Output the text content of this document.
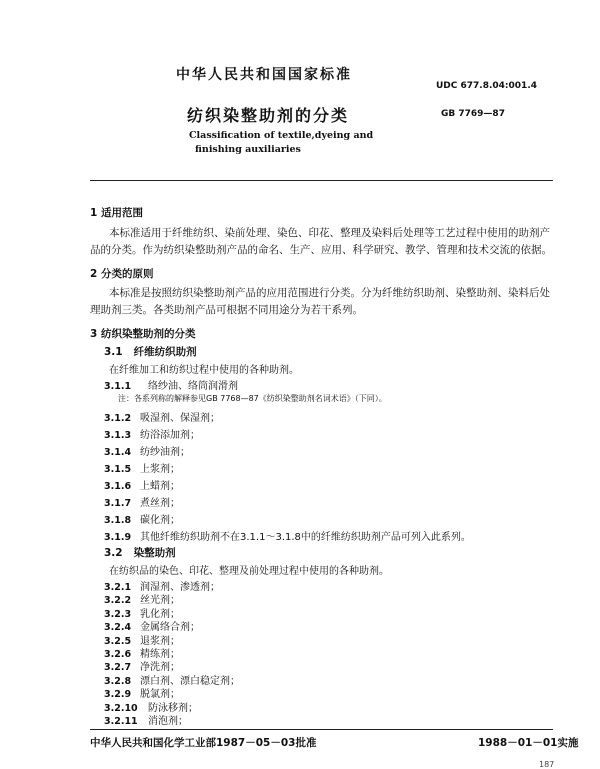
中华人民共和国国家标准
UDC 677.8.04:001.4
纺织染整助剂的分类	GB 7769—87
Classification of textile,dyeing and
finishing auxiliaries
1 适用范围
本标准适用于纤维纺织、染前处理、染色、印花、整理及染料后处理等工艺过程中使用的助剂产
品的分类。作为纺织染整助剂产品的命名、生产、应用、科学研究、教学、管理和技术交流的依据。
2 分类的原则
本标准是按照纺织染整助剂产品的应用范围进行分类。分为纤维纺织助剂、染整助剂、染料后处
理助剂三类。各类助剂产品可根据不同用途分为若干系列。
3 纺织染整助剂的分类
3.1 纤维纺织助剂
在纤维加工和纺织过程中使用的各种助剂。
3.1.1 络纱油、络筒润滑剂
注：各系列称的解释参见GB 7768—87《纺织染整助剂名词术语》（下同）。
3.1.2 吸湿剂、保湿剂；
3.1.3 纺浴添加剂；
3.1.4 纺纱油剂；
3.1.5 上浆剂；
3.1.6 上蜡剂；
3.1.7 煮丝剂；
3.1.8 碳化剂；
3.1.9 其他纤维纺织助剂不在3.1.1～3.1.8中的纤维纺织助剂产品可列入此系列。
3.2 染整助剂
在纺织品的染色、印花、整理及前处理过程中使用的各种助剂。
3.2.1 润湿剂、渗透剂；
3.2.2 丝光剂；
3.2.3 乳化剂；
3.2.4 金属络合剂；
3.2.5 退浆剂；
3.2.6 精练剂；
3.2.7 净洗剂；
3.2.8 漂白剂、漂白稳定剂；
中华人民共和国化学工业部1987－05－03批准	1988－01－01实施
187
3.2.9 脱氯剂；
3.2.10 防泳移剂；
3.2.11 消泡剂；
